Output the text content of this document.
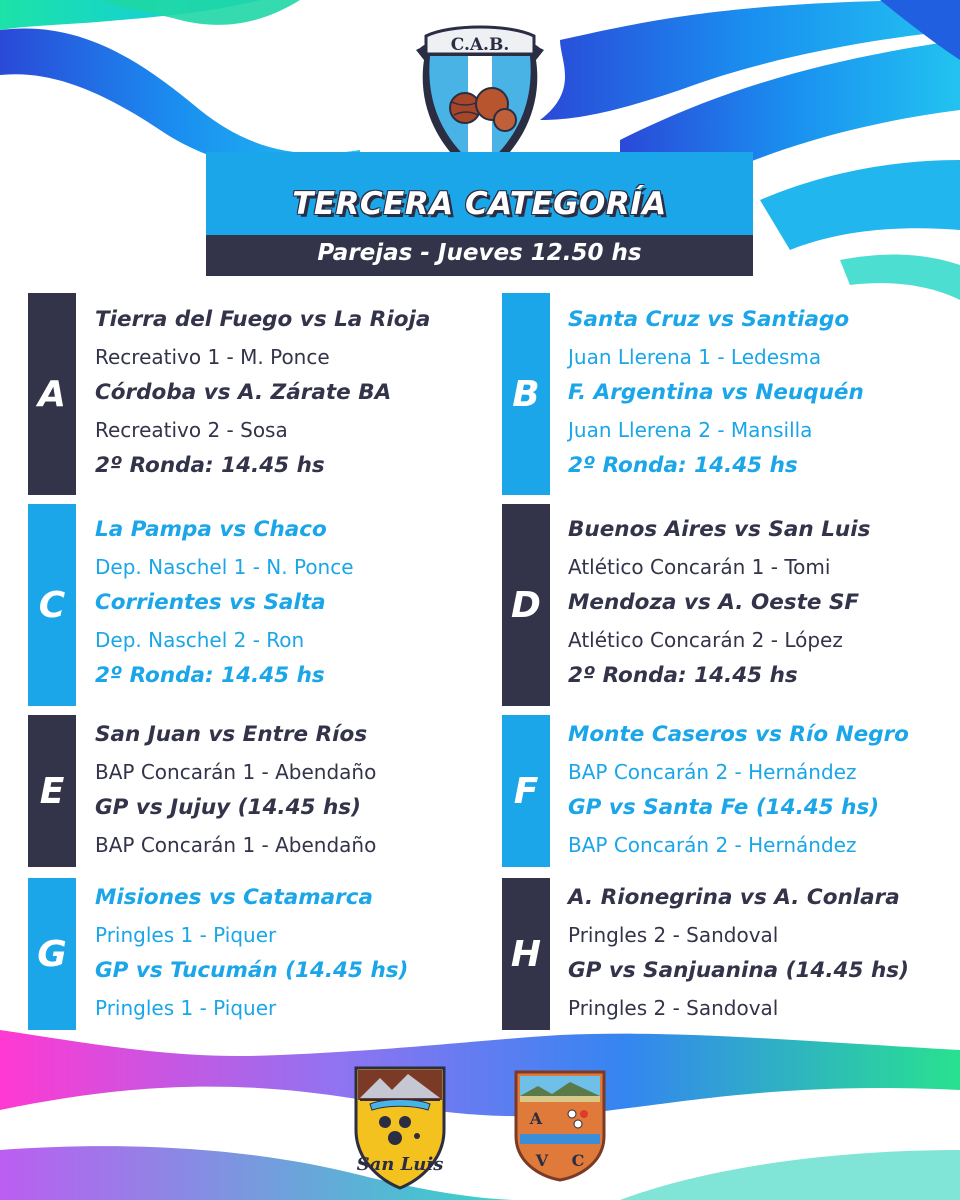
C.A.B.
TERCERA CATEGORÍA
Parejas - Jueves 12.50 hs
A
Tierra del Fuego vs La Rioja
Recreativo 1 - M. Ponce
Córdoba vs A. Zárate BA
Recreativo 2 - Sosa
2º Ronda: 14.45 hs
B
Santa Cruz vs Santiago
Juan Llerena 1 - Ledesma
F. Argentina vs Neuquén
Juan Llerena 2 - Mansilla
2º Ronda: 14.45 hs
C
La Pampa vs Chaco
Dep. Naschel 1 - N. Ponce
Corrientes vs Salta
Dep. Naschel 2 - Ron
2º Ronda: 14.45 hs
D
Buenos Aires vs San Luis
Atlético Concarán 1 - Tomi
Mendoza vs A. Oeste SF
Atlético Concarán 2 - López
2º Ronda: 14.45 hs
E
San Juan vs Entre Ríos
BAP Concarán 1 - Abendaño
GP vs Jujuy (14.45 hs)
BAP Concarán 1 - Abendaño
F
Monte Caseros vs Río Negro
BAP Concarán 2 - Hernández
GP vs Santa Fe (14.45 hs)
BAP Concarán 2 - Hernández
G
Misiones vs Catamarca
Pringles 1 - Piquer
GP vs Tucumán (14.45 hs)
Pringles 1 - Piquer
H
A. Rionegrina vs A. Conlara
Pringles 2 - Sandoval
GP vs Sanjuanina (14.45 hs)
Pringles 2 - Sandoval
San Luis
A
V C
